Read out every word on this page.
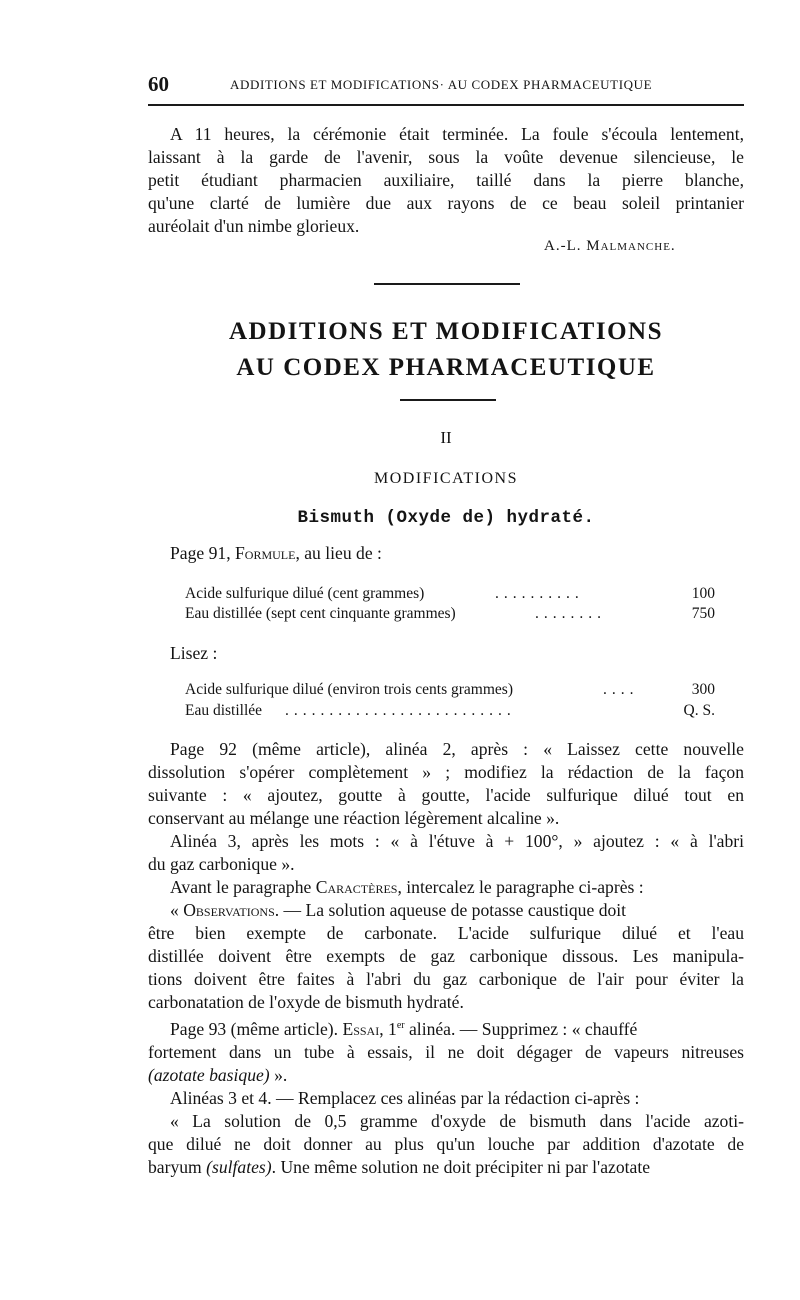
60	ADDITIONS ET MODIFICATIONS· AU CODEX PHARMACEUTIQUE
A 11 heures, la cérémonie était terminée. La foule s'écoula lentement,
laissant à la garde de l'avenir, sous la voûte devenue silencieuse, le
petit étudiant pharmacien auxiliaire, taillé dans la pierre blanche,
qu'une clarté de lumière due aux rayons de ce beau soleil printanier
auréolait d'un nimbe glorieux.
A.-L. Malmanche.
ADDITIONS ET MODIFICATIONS
AU CODEX PHARMACEUTIQUE
II
MODIFICATIONS
Bismuth (Oxyde de) hydraté.
Page 91, Formule, au lieu de :
Acide sulfurique dilué (cent grammes)	..........	100
Eau distillée (sept cent cinquante grammes)	........	750
Lisez :
Acide sulfurique dilué (environ trois cents grammes)	....	300
Eau distillée ..........................	Q. S.
Page 92 (même article), alinéa 2, après : « Laissez cette nouvelle
dissolution s'opérer complètement » ; modifiez la rédaction de la façon
suivante : « ajoutez, goutte à goutte, l'acide sulfurique dilué tout en
conservant au mélange une réaction légèrement alcaline ».
Alinéa 3, après les mots : « à l'étuve à + 100°, » ajoutez : « à l'abri
du gaz carbonique ».
Avant le paragraphe Caractères, intercalez le paragraphe ci-après :
« Observations. — La solution aqueuse de potasse caustique doit
être bien exempte de carbonate. L'acide sulfurique dilué et l'eau
distillée doivent être exempts de gaz carbonique dissous. Les manipula-
tions doivent être faites à l'abri du gaz carbonique de l'air pour éviter la
carbonatation de l'oxyde de bismuth hydraté.
Page 93 (même article). Essai, 1er alinéa. — Supprimez : « chauffé
fortement dans un tube à essais, il ne doit dégager de vapeurs nitreuses
(azotate basique) ».
Alinéas 3 et 4. — Remplacez ces alinéas par la rédaction ci-après :
« La solution de 0,5 gramme d'oxyde de bismuth dans l'acide azoti-
que dilué ne doit donner au plus qu'un louche par addition d'azotate de
baryum (sulfates). Une même solution ne doit précipiter ni par l'azotate
